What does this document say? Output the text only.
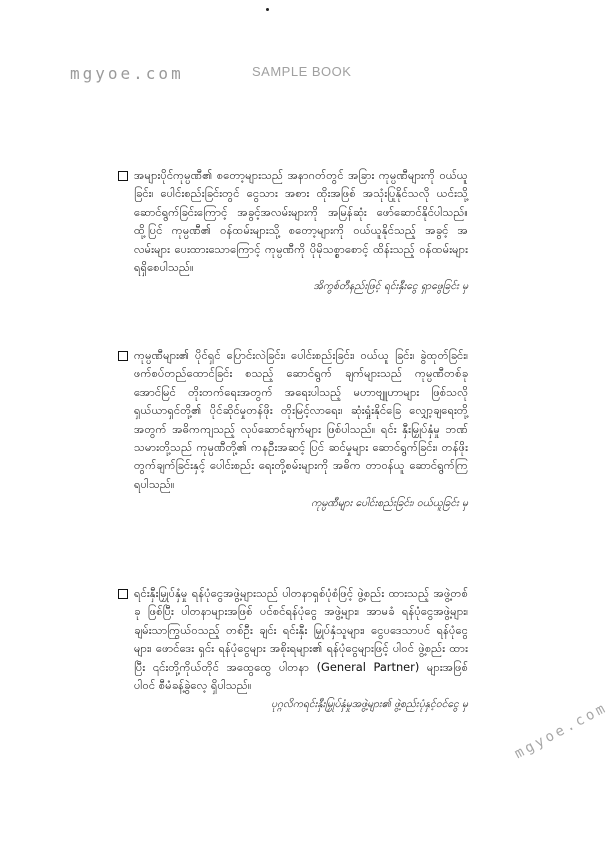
mgyoe.com	SAMPLE BOOK

အများပိုင်ကုမ္ပဏီ၏ စတော့များသည် အနာဂတ်တွင် အခြား ကုမ္ပဏီများကို ဝယ်ယူခြင်း၊ ပေါင်းစည်းခြင်းတွင် ငွေသား အစား ထိုးအဖြစ် အသုံးပြုနိုင်သလို ယင်းသို့ ဆောင်ရွက်ခြင်းကြောင့် အခွင့်အလမ်းများကို အမြန်ဆုံး ဖော်ဆောင်နိုင်ပါသည်။ ထို့ပြင် ကုမ္ပဏီ၏ ဝန်ထမ်းများသို့ စတော့များကို ဝယ်ယူနိုင်သည့် အခွင့် အလမ်းများ ပေးထားသောကြောင့် ကုမ္ပဏီကို ပိုမိုသစ္စာစောင့် ထိန်းသည့် ဝန်ထမ်းများ ရရှိစေပါသည်။

အိကွစ်တီနည်းဖြင့် ရင်းနှီးငွေ ရှာဖွေခြင်း မှ

ကုမ္ပဏီများ၏ ပိုင်ရှင် ပြောင်းလဲခြင်း၊ ပေါင်းစည်းခြင်း၊ ဝယ်ယူ ခြင်း၊ ခွဲထုတ်ခြင်း၊ ဖက်စပ်တည်ထောင်ခြင်း စသည့် ဆောင်ရွက် ချက်များသည် ကုမ္ပဏီတစ်ခု အောင်မြင် တိုးတက်ရေးအတွက် အရေးပါသည့် မဟာဗျူဟာများ ဖြစ်သလို ရှယ်ယာရှင်တို့၏ ပိုင်ဆိုင်မှုတန်ဖိုး တိုးမြင့်လာရေး၊ ဆုံးရှုံးနိုင်ခြေ လျှော့ချရေးတို့ အတွက် အဓိကကျသည့် လုပ်ဆောင်ချက်များ ဖြစ်ပါသည်။ ရင်း နှီးမြှုပ်နှံမှု ဘဏ်သမားတို့သည် ကုမ္ပဏီတို့၏ ကနဦးအဆင့် ပြင် ဆင်မှုများ ဆောင်ရွက်ခြင်း၊ တန်ဖိုးတွက်ချက်ခြင်းနှင့် ပေါင်းစည်း ရေးတို့စမ်းများကို အဓိက တာဝန်ယူ ဆောင်ရွက်ကြရပါသည်။

ကုမ္ပဏီများ ပေါင်းစည်းခြင်း၊ ဝယ်ယူခြင်း မှ

ရင်းနှီးမြှုပ်နှံမှု ရန်ပုံငွေအဖွဲ့များသည် ပါတနာရှစ်ပုံစံဖြင့် ဖွဲ့စည်း ထားသည့် အဖွဲ့တစ်ခု ဖြစ်ပြီး ပါတနာများအဖြစ် ပင်စင်ရန်ပုံငွေ အဖွဲ့များ၊ အာမခံ ရန်ပုံငွေအဖွဲ့များ၊ ချမ်းသာကြွယ်ဝသည့် တစ်ဦး ချင်း ရင်းနှီး မြှုပ်နှံသူများ၊ ငွေပဒေသာပင် ရန်ပုံငွေများ၊ ဖောင်ဒေး ရှင်း ရန်ပုံငွေများ အစိုးရများ၏ ရန်ပုံငွေများဖြင့် ပါဝင် ဖွဲ့စည်း ထားပြီး ၎င်းတို့ကိုယ်တိုင် အထွေထွေ ပါတနာ (General Partner) များအဖြစ် ပါဝင် စီမံခန့်ခွဲလေ့ ရှိပါသည်။

ပုဂ္ဂလိကရင်းနှီးမြှုပ်နှံမှုအဖွဲ့များ၏ ဖွဲ့စည်းပုံနှင့်ဝင်ငွေ မှ	mgyoe.com
